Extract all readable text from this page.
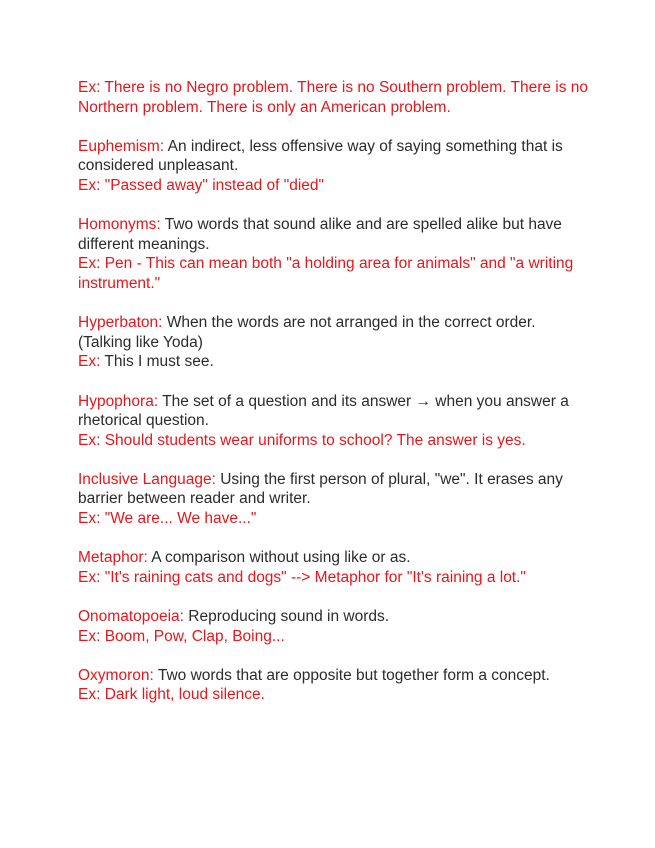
Ex: There is no Negro problem. There is no Southern problem. There is no Northern problem. There is only an American problem.
Euphemism: An indirect, less offensive way of saying something that is considered unpleasant.
Ex: "Passed away" instead of "died"
Homonyms: Two words that sound alike and are spelled alike but have different meanings.
Ex: Pen - This can mean both "a holding area for animals" and "a writing instrument."
Hyperbaton: When the words are not arranged in the correct order. (Talking like Yoda)
Ex: This I must see.
Hypophora: The set of a question and its answer → when you answer a rhetorical question.
Ex: Should students wear uniforms to school? The answer is yes.
Inclusive Language: Using the first person of plural, "we". It erases any barrier between reader and writer.
Ex: "We are... We have..."
Metaphor: A comparison without using like or as.
Ex: "It's raining cats and dogs" --> Metaphor for "It's raining a lot."
Onomatopoeia: Reproducing sound in words.
Ex: Boom, Pow, Clap, Boing...
Oxymoron: Two words that are opposite but together form a concept.
Ex: Dark light, loud silence.
